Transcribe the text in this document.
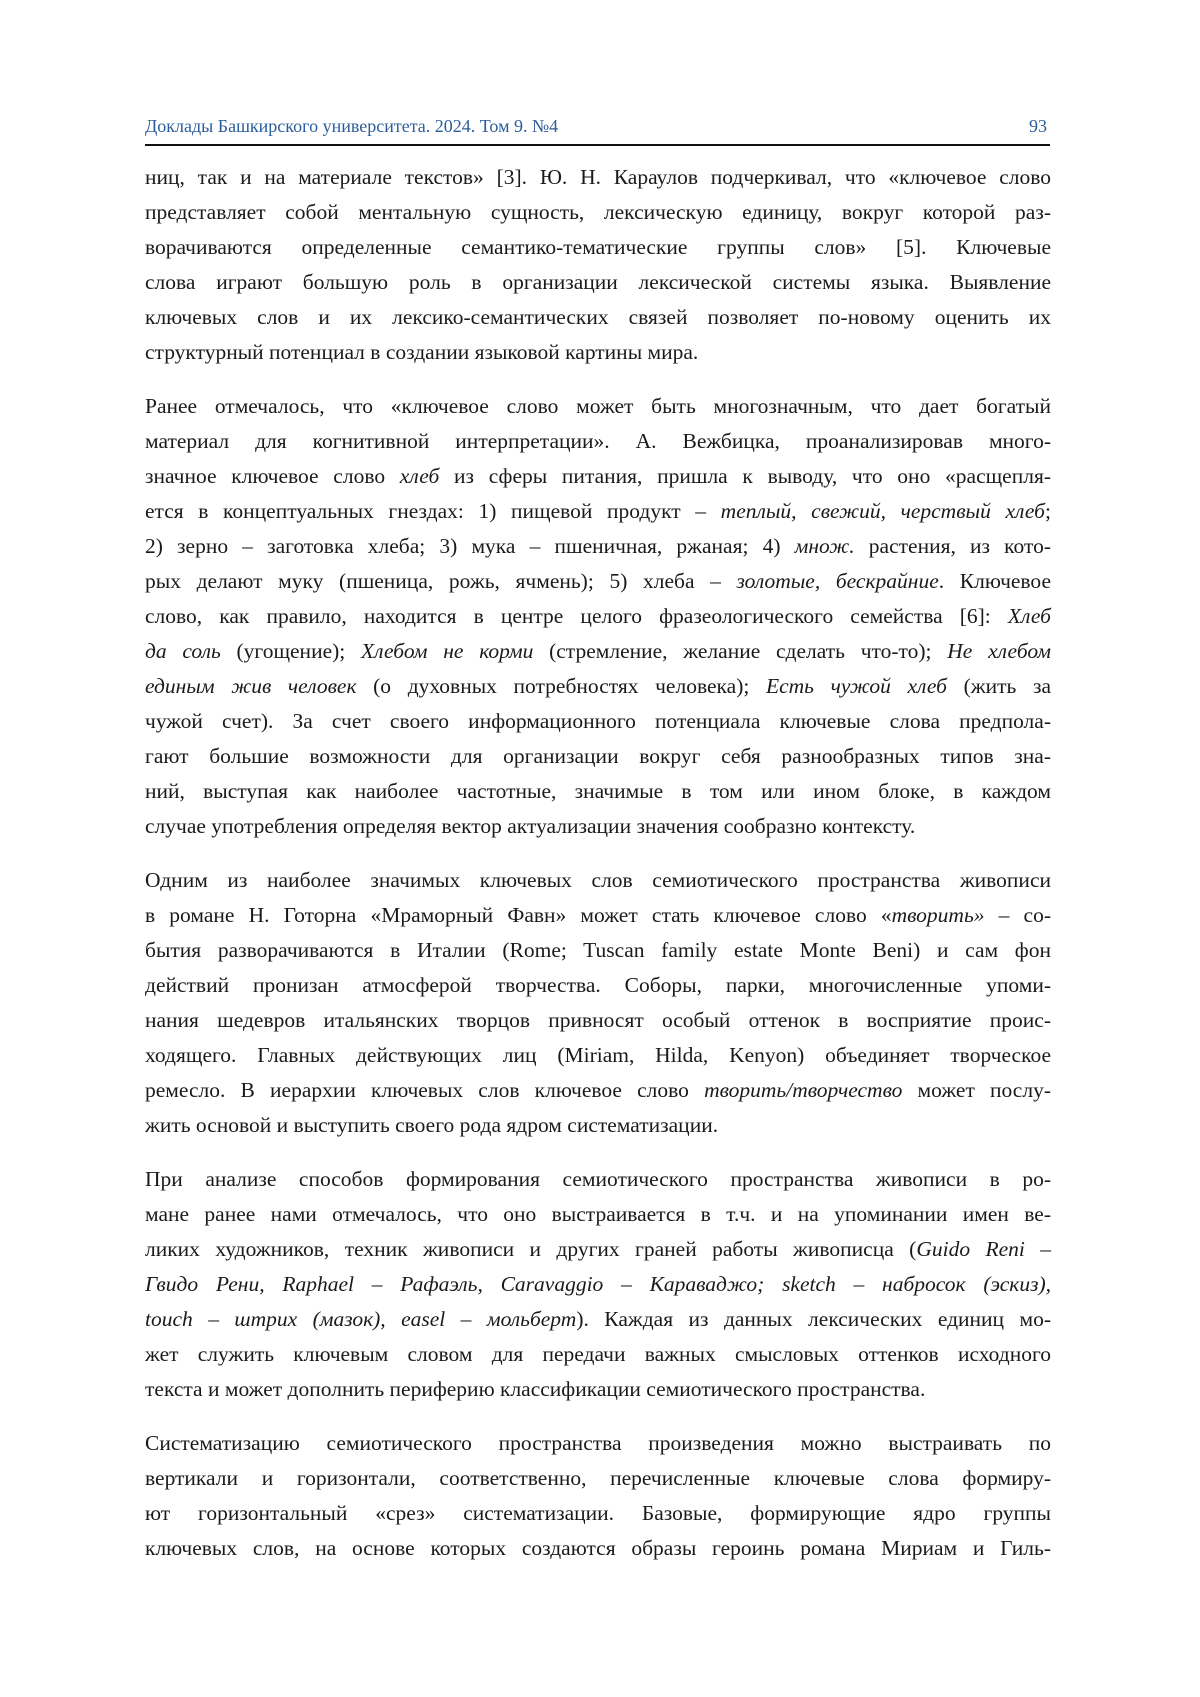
Доклады Башкирского университета. 2024. Том 9. №4	93
ниц, так и на материале текстов» [3]. Ю. Н. Караулов подчеркивал, что «ключевое слово
представляет собой ментальную сущность, лексическую единицу, вокруг которой раз-
ворачиваются определенные семантико-тематические группы слов» [5]. Ключевые
слова играют большую роль в организации лексической системы языка. Выявление
ключевых слов и их лексико-семантических связей позволяет по-новому оценить их
структурный потенциал в создании языковой картины мира.
Ранее отмечалось, что «ключевое слово может быть многозначным, что дает богатый
материал для когнитивной интерпретации». А. Вежбицка, проанализировав много-
значное ключевое слово хлеб из сферы питания, пришла к выводу, что оно «расщепля-
ется в концептуальных гнездах: 1) пищевой продукт – теплый, свежий, черствый хлеб;
2) зерно – заготовка хлеба; 3) мука – пшеничная, ржаная; 4) множ. растения, из кото-
рых делают муку (пшеница, рожь, ячмень); 5) хлеба – золотые, бескрайние. Ключевое
слово, как правило, находится в центре целого фразеологического семейства [6]: Хлеб
да соль (угощение); Хлебом не корми (стремление, желание сделать что-то); Не хлебом
единым жив человек (о духовных потребностях человека); Есть чужой хлеб (жить за
чужой счет). За счет своего информационного потенциала ключевые слова предпола-
гают большие возможности для организации вокруг себя разнообразных типов зна-
ний, выступая как наиболее частотные, значимые в том или ином блоке, в каждом
случае употребления определяя вектор актуализации значения сообразно контексту.
Одним из наиболее значимых ключевых слов семиотического пространства живописи
в романе Н. Готорна «Мраморный Фавн» может стать ключевое слово «творить» – со-
бытия разворачиваются в Италии (Rome; Tuscan family estate Monte Beni) и сам фон
действий пронизан атмосферой творчества. Соборы, парки, многочисленные упоми-
нания шедевров итальянских творцов привносят особый оттенок в восприятие проис-
ходящего. Главных действующих лиц (Miriam, Hilda, Kenyon) объединяет творческое
ремесло. В иерархии ключевых слов ключевое слово творить/творчество может послу-
жить основой и выступить своего рода ядром систематизации.
При анализе способов формирования семиотического пространства живописи в ро-
мане ранее нами отмечалось, что оно выстраивается в т.ч. и на упоминании имен ве-
ликих художников, техник живописи и других граней работы живописца (Guido Reni –
Гвидо Рени, Raphael – Рафаэль, Caravaggio – Караваджо; sketch – набросок (эскиз),
touch – штрих (мазок), easel – мольберт). Каждая из данных лексических единиц мо-
жет служить ключевым словом для передачи важных смысловых оттенков исходного
текста и может дополнить периферию классификации семиотического пространства.
Систематизацию семиотического пространства произведения можно выстраивать по
вертикали и горизонтали, соответственно, перечисленные ключевые слова формиру-
ют горизонтальный «срез» систематизации. Базовые, формирующие ядро группы
ключевых слов, на основе которых создаются образы героинь романа Мириам и Гиль-
